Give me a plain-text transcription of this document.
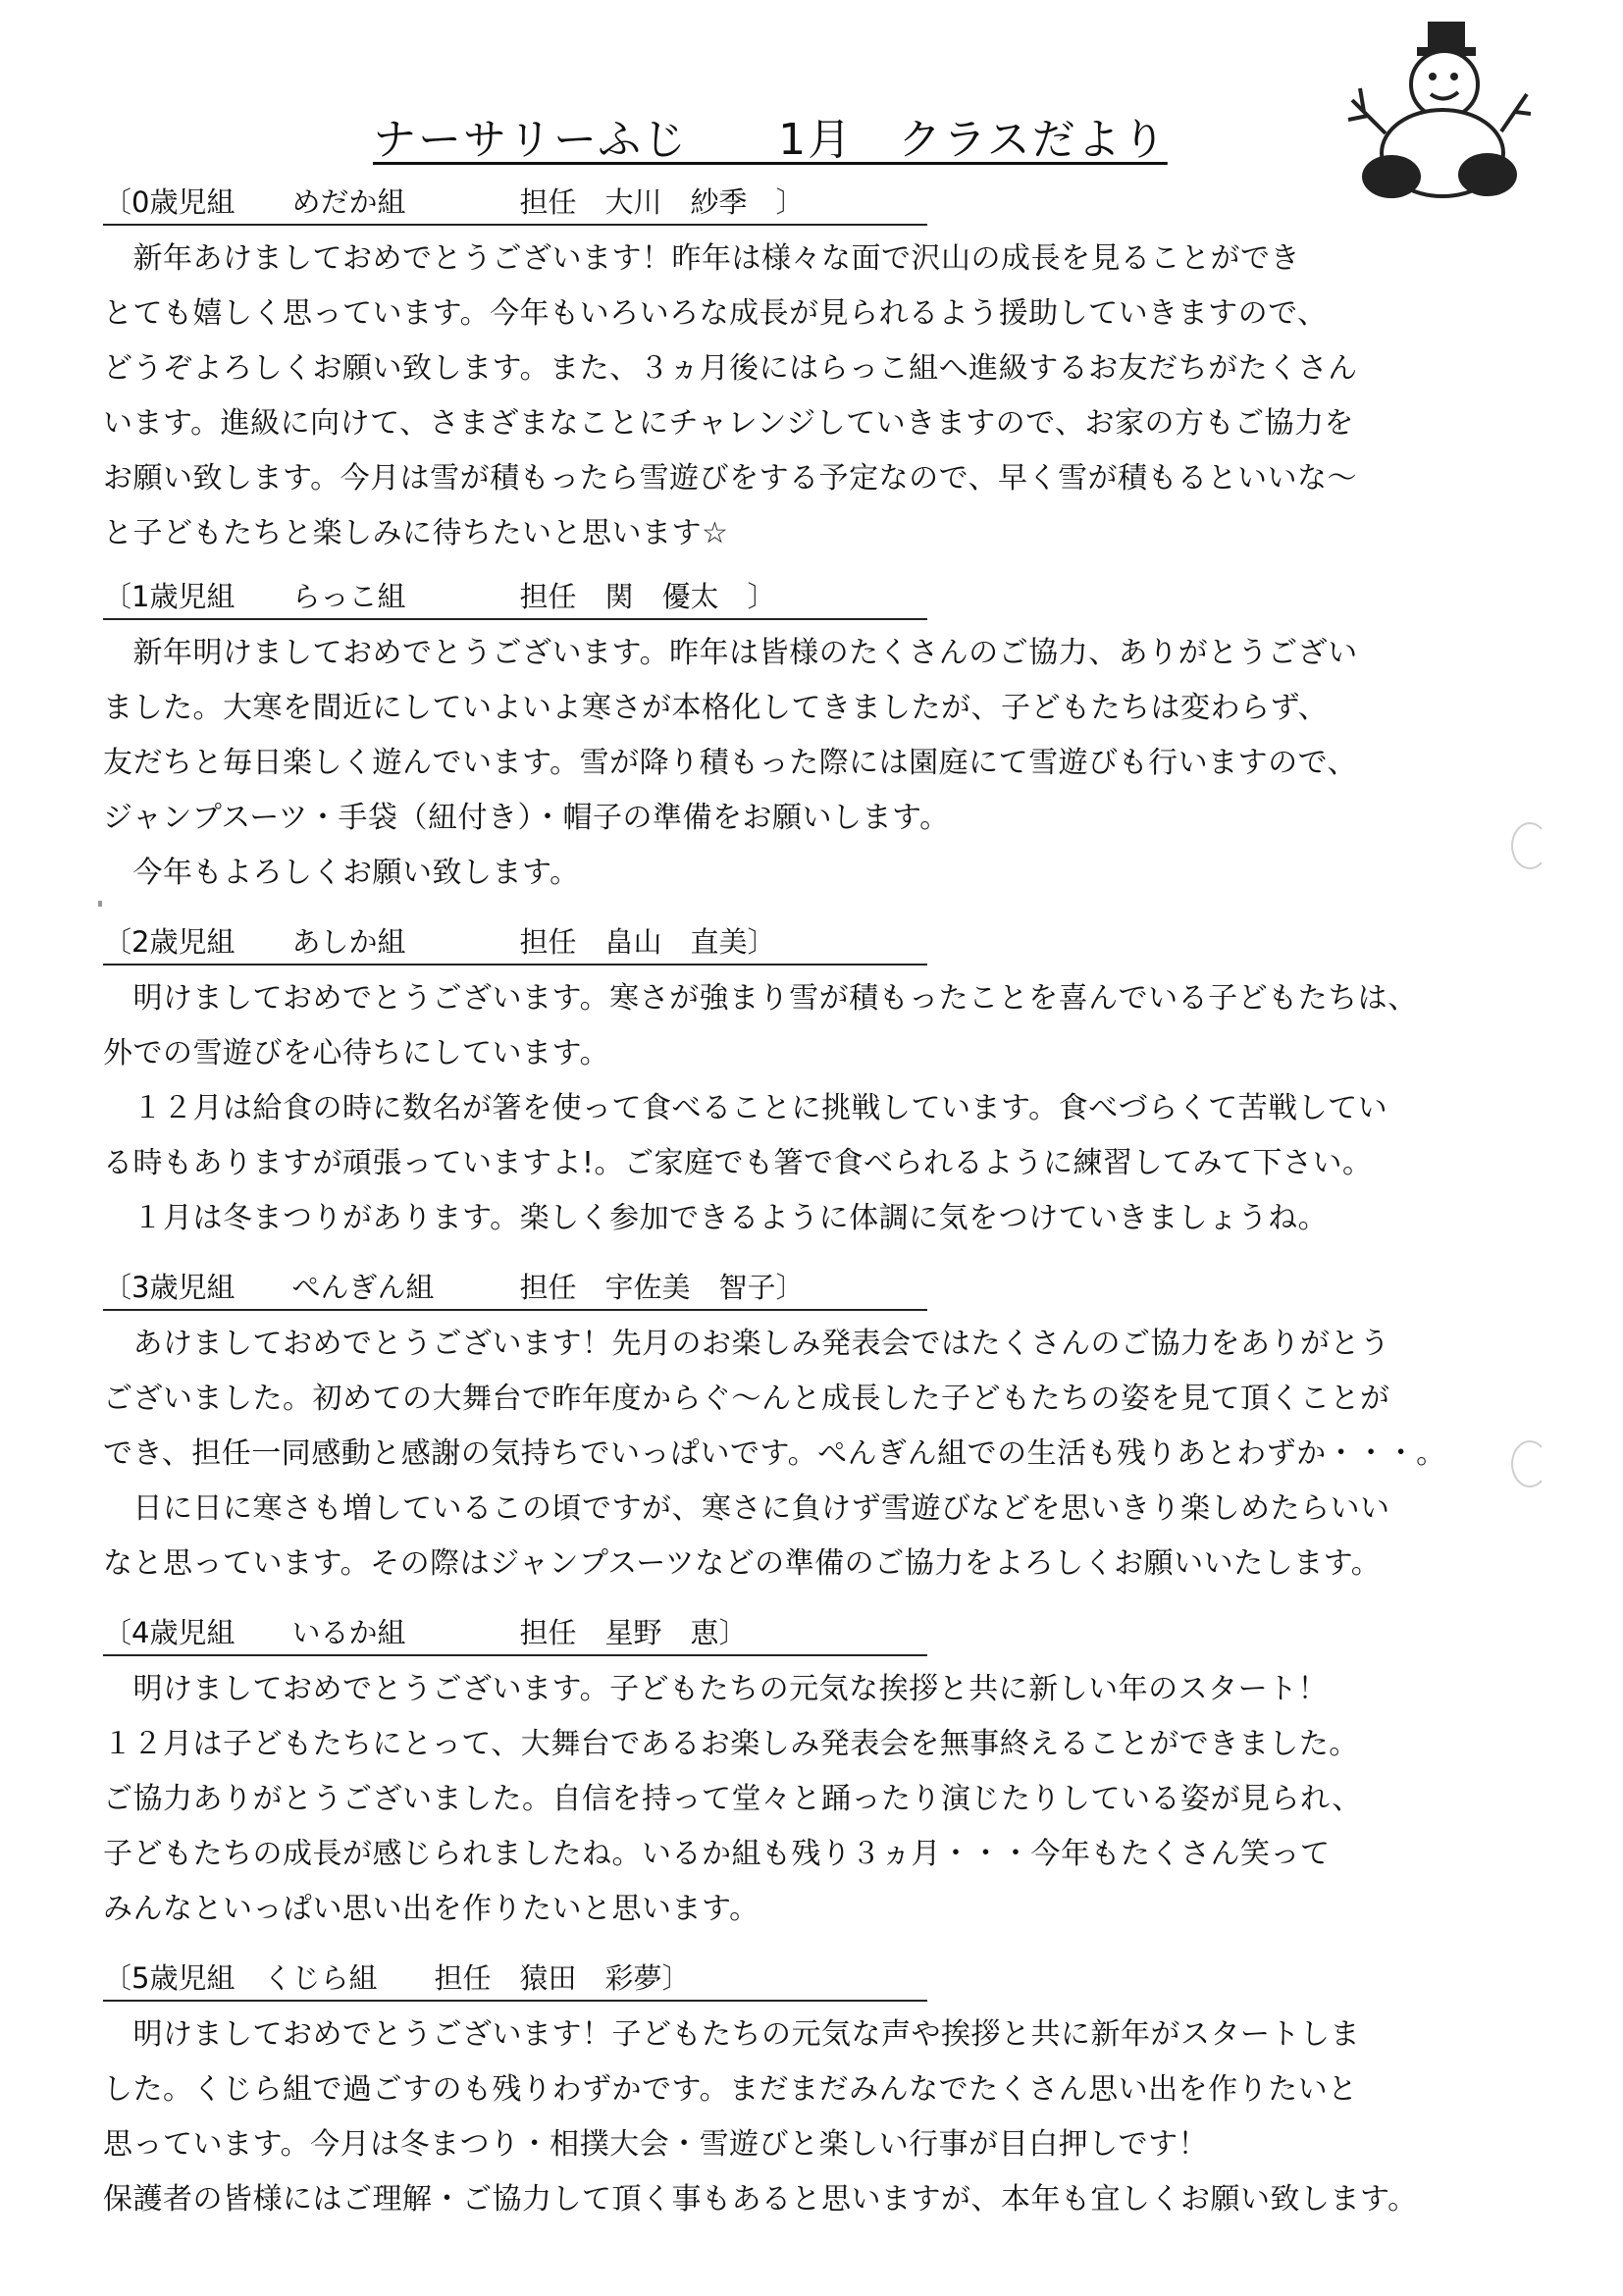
ナーサリーふじ　　1月　クラスだより
〔0歳児組　　めだか組　　　　担任　大川　紗季　〕
　新年あけましておめでとうございます！昨年は様々な面で沢山の成長を見ることができ
とても嬉しく思っています。今年もいろいろな成長が見られるよう援助していきますので、
どうぞよろしくお願い致します。また、３ヵ月後にはらっこ組へ進級するお友だちがたくさん
います。進級に向けて、さまざまなことにチャレンジしていきますので、お家の方もご協力を
お願い致します。今月は雪が積もったら雪遊びをする予定なので、早く雪が積もるといいな～
と子どもたちと楽しみに待ちたいと思います☆
〔1歳児組　　らっこ組　　　　担任　関　優太　〕
　新年明けましておめでとうございます。昨年は皆様のたくさんのご協力、ありがとうござい
ました。大寒を間近にしていよいよ寒さが本格化してきましたが、子どもたちは変わらず、
友だちと毎日楽しく遊んでいます。雪が降り積もった際には園庭にて雪遊びも行いますので、
ジャンプスーツ・手袋（紐付き）・帽子の準備をお願いします。
　今年もよろしくお願い致します。
〔2歳児組　　あしか組　　　　担任　畠山　直美〕
　明けましておめでとうございます。寒さが強まり雪が積もったことを喜んでいる子どもたちは、
外での雪遊びを心待ちにしています。
　１２月は給食の時に数名が箸を使って食べることに挑戦しています。食べづらくて苦戦してい
る時もありますが頑張っていますよ!。ご家庭でも箸で食べられるように練習してみて下さい。
　１月は冬まつりがあります。楽しく参加できるように体調に気をつけていきましょうね。
〔3歳児組　　ぺんぎん組　　　担任　宇佐美　智子〕
　あけましておめでとうございます！先月のお楽しみ発表会ではたくさんのご協力をありがとう
ございました。初めての大舞台で昨年度からぐ～んと成長した子どもたちの姿を見て頂くことが
でき、担任一同感動と感謝の気持ちでいっぱいです。ぺんぎん組での生活も残りあとわずか・・・。
　日に日に寒さも増しているこの頃ですが、寒さに負けず雪遊びなどを思いきり楽しめたらいい
なと思っています。その際はジャンプスーツなどの準備のご協力をよろしくお願いいたします。
〔4歳児組　　いるか組　　　　担任　星野　恵〕
　明けましておめでとうございます。子どもたちの元気な挨拶と共に新しい年のスタート！
１２月は子どもたちにとって、大舞台であるお楽しみ発表会を無事終えることができました。
ご協力ありがとうございました。自信を持って堂々と踊ったり演じたりしている姿が見られ、
子どもたちの成長が感じられましたね。いるか組も残り３ヵ月・・・今年もたくさん笑って
みんなといっぱい思い出を作りたいと思います。
〔5歳児組　くじら組　　担任　猿田　彩夢〕
　明けましておめでとうございます！子どもたちの元気な声や挨拶と共に新年がスタートしま
した。くじら組で過ごすのも残りわずかです。まだまだみんなでたくさん思い出を作りたいと
思っています。今月は冬まつり・相撲大会・雪遊びと楽しい行事が目白押しです！
保護者の皆様にはご理解・ご協力して頂く事もあると思いますが、本年も宜しくお願い致します。
